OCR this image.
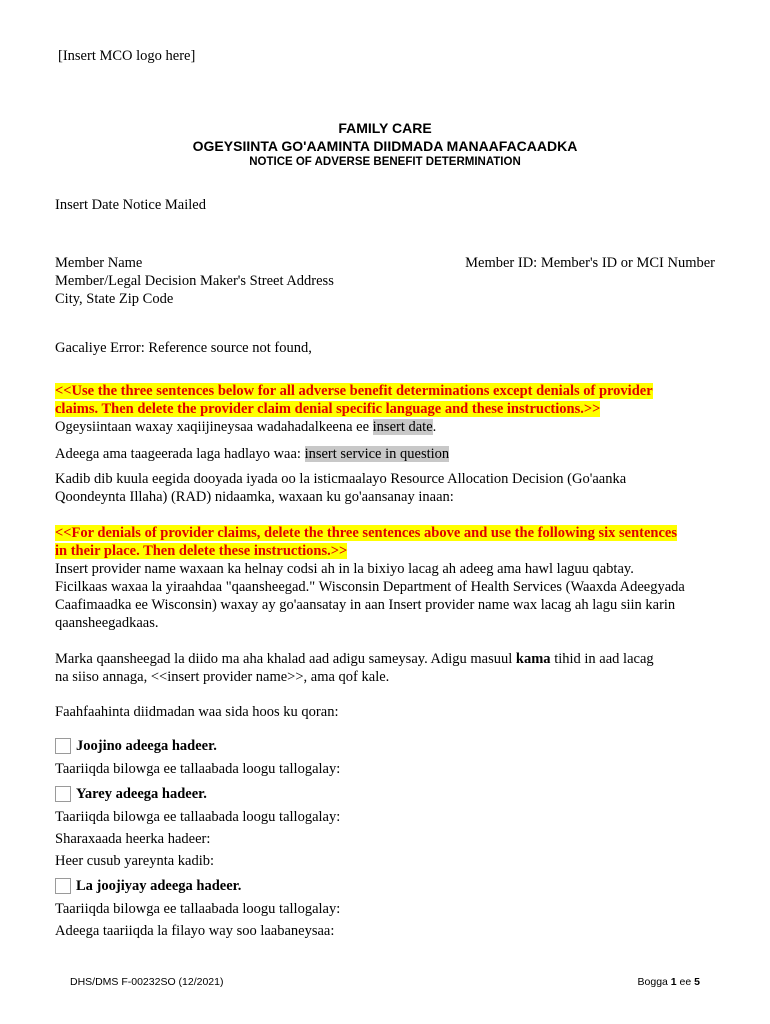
[Insert MCO logo here]
FAMILY CARE
OGEYSIINTA GO'AAMINTA DIIDMADA MANAAFACAADKA
NOTICE OF ADVERSE BENEFIT DETERMINATION
Insert Date Notice Mailed
Member Name	Member ID: Member's ID or MCI Number
Member/Legal Decision Maker's Street Address
City, State Zip Code
Gacaliye Error: Reference source not found,
<<Use the three sentences below for all adverse benefit determinations except denials of provider
claims. Then delete the provider claim denial specific language and these instructions.>>
Ogeysiintaan waxay xaqiijineysaa wadahadalkeena ee insert date.
Adeega ama taageerada laga hadlayo waa: insert service in question
Kadib dib kuula eegida dooyada iyada oo la isticmaalayo Resource Allocation Decision (Go'aanka
Qoondeynta Illaha) (RAD) nidaamka, waxaan ku go'aansanay inaan:
<<For denials of provider claims, delete the three sentences above and use the following six sentences
in their place. Then delete these instructions.>>
Insert provider name waxaan ka helnay codsi ah in la bixiyo lacag ah adeeg ama hawl laguu qabtay.
Ficilkaas waxaa la yiraahdaa "qaansheegad." Wisconsin Department of Health Services (Waaxda Adeegyada
Caafimaadka ee Wisconsin) waxay ay go'aansatay in aan Insert provider name wax lacag ah lagu siin karin
qaansheegadkaas.
Marka qaansheegad la diido ma aha khalad aad adigu sameysay. Adigu masuul kama tihid in aad lacag
na siiso annaga, <<insert provider name>>, ama qof kale.
Faahfaahinta diidmadan waa sida hoos ku qoran:
Joojino adeega hadeer.
Taariiqda bilowga ee tallaabada loogu tallogalay:
Yarey adeega hadeer.
Taariiqda bilowga ee tallaabada loogu tallogalay:
Sharaxaada heerka hadeer:
Heer cusub yareynta kadib:
La joojiyay adeega hadeer.
Taariiqda bilowga ee tallaabada loogu tallogalay:
Adeega taariiqda la filayo way soo laabaneysaa:
DHS/DMS F-00232SO (12/2021)	Bogga 1 ee 5
